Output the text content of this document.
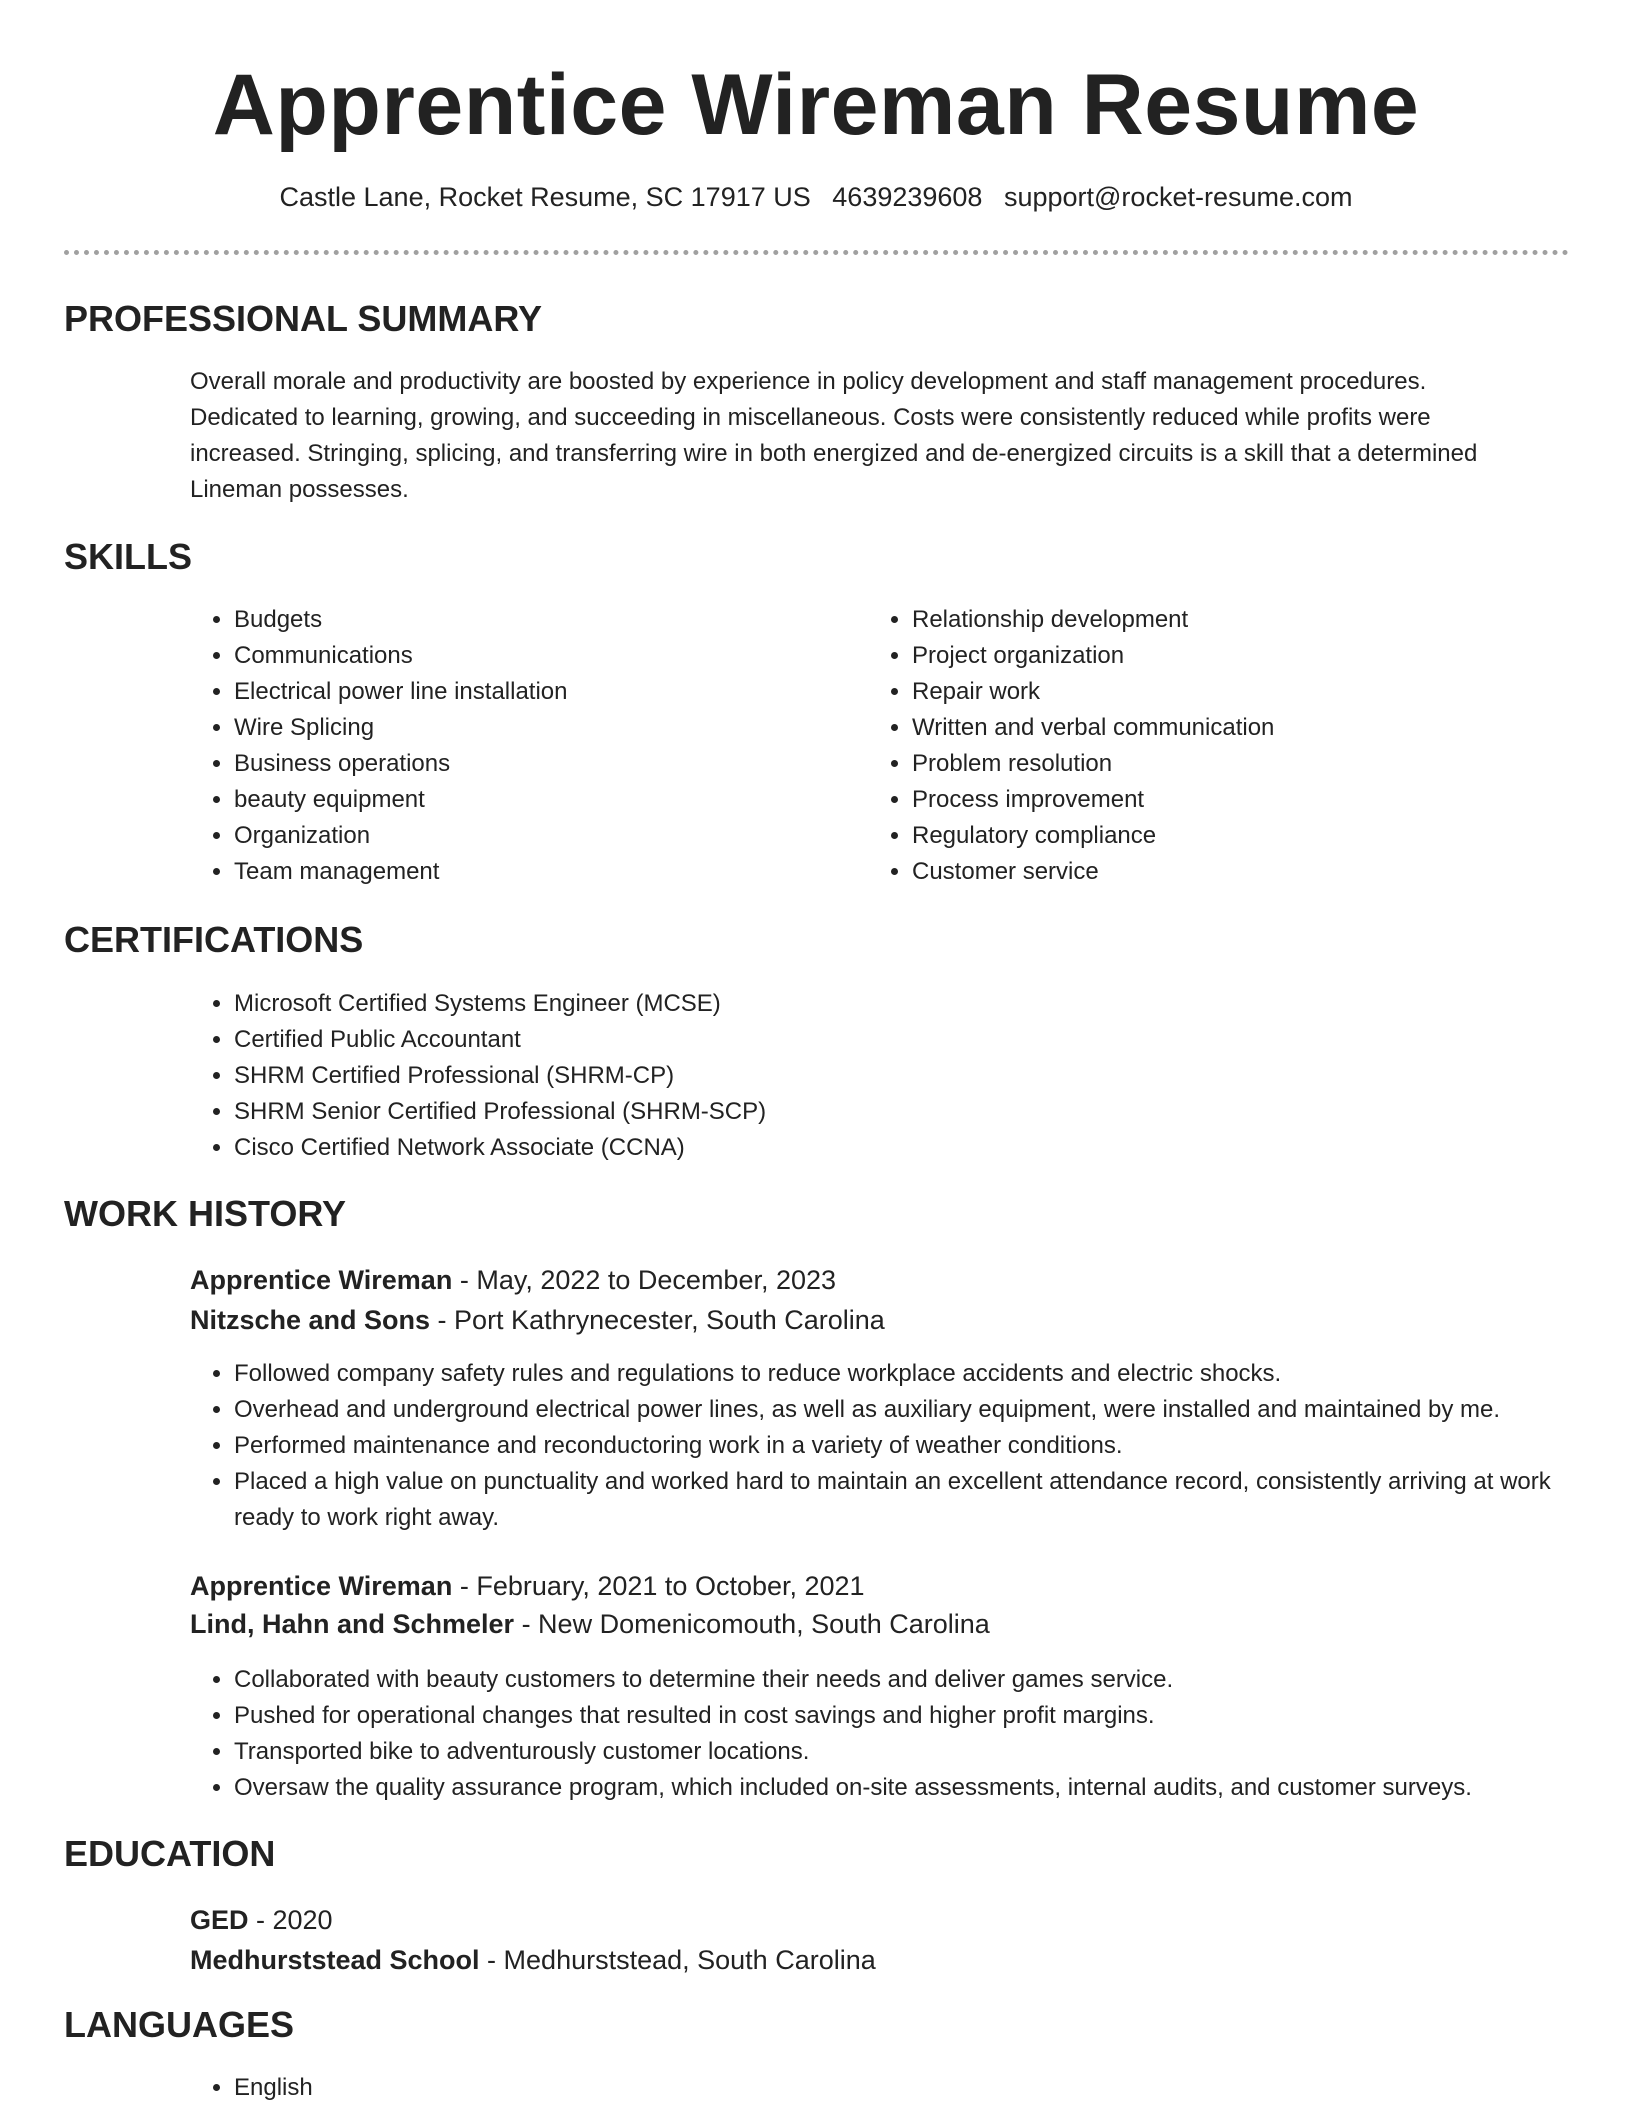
Apprentice Wireman Resume
Castle Lane, Rocket Resume, SC 17917 US 4639239608 support@rocket-resume.com
PROFESSIONAL SUMMARY

Overall morale and productivity are boosted by experience in policy development and staff management procedures. Dedicated to learning, growing, and succeeding in miscellaneous. Costs were consistently reduced while profits were increased. Stringing, splicing, and transferring wire in both energized and de-energized circuits is a skill that a determined Lineman possesses.

SKILLS
• Budgets
• Communications
• Electrical power line installation
• Wire Splicing
• Business operations
• beauty equipment
• Organization
• Team management
• Relationship development
• Project organization
• Repair work
• Written and verbal communication
• Problem resolution
• Process improvement
• Regulatory compliance
• Customer service
CERTIFICATIONS
• Microsoft Certified Systems Engineer (MCSE)
• Certified Public Accountant
• SHRM Certified Professional (SHRM-CP)
• SHRM Senior Certified Professional (SHRM-SCP)
• Cisco Certified Network Associate (CCNA)
WORK HISTORY
Apprentice Wireman - May, 2022 to December, 2023
Nitzsche and Sons - Port Kathrynecester, South Carolina
• Followed company safety rules and regulations to reduce workplace accidents and electric shocks.
• Overhead and underground electrical power lines, as well as auxiliary equipment, were installed and maintained by me.
• Performed maintenance and reconductoring work in a variety of weather conditions.
• Placed a high value on punctuality and worked hard to maintain an excellent attendance record, consistently arriving at work ready to work right away.
Apprentice Wireman - February, 2021 to October, 2021
Lind, Hahn and Schmeler - New Domenicomouth, South Carolina
• Collaborated with beauty customers to determine their needs and deliver games service.
• Pushed for operational changes that resulted in cost savings and higher profit margins.
• Transported bike to adventurously customer locations.
• Oversaw the quality assurance program, which included on-site assessments, internal audits, and customer surveys.
EDUCATION
GED - 2020
Medhurststead School - Medhurststead, South Carolina
LANGUAGES
• English
